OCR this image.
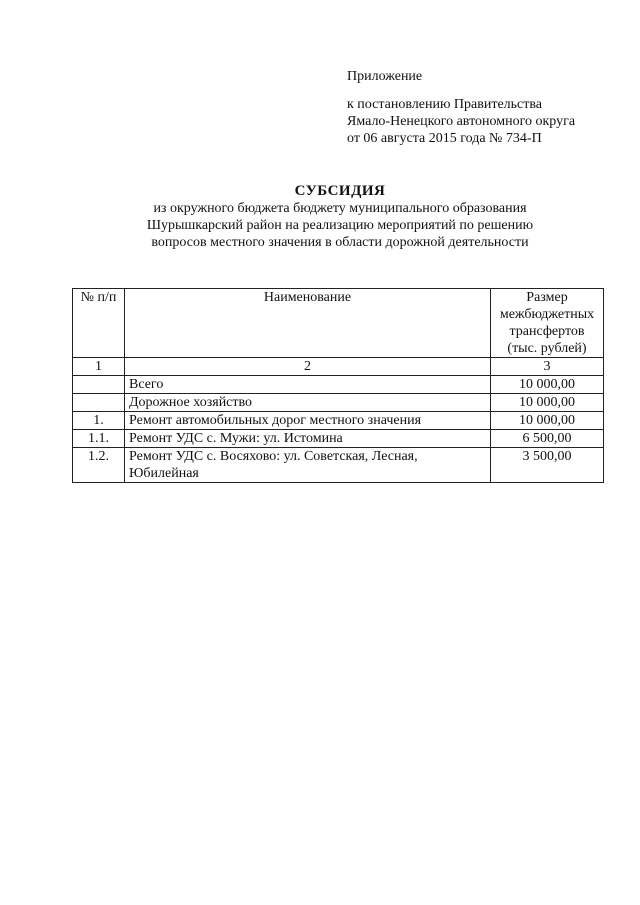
Приложение
к постановлению Правительства
Ямало-Ненецкого автономного округа
от 06 августа 2015 года № 734-П
СУБСИДИЯ
из окружного бюджета бюджету муниципального образования
Шурышкарский район на реализацию мероприятий по решению
вопросов местного значения в области дорожной деятельности
№ п/п	Наименование	Размер
межбюджетных
трансфертов
(тыс. рублей)

1	2	3
	Всего	10 000,00
	Дорожное хозяйство	10 000,00
1.	Ремонт автомобильных дорог местного значения	10 000,00
1.1.	Ремонт УДС с. Мужи: ул. Истомина	6 500,00
1.2.	Ремонт УДС с. Восяхово: ул. Советская, Лесная, Юбилейная	3 500,00
